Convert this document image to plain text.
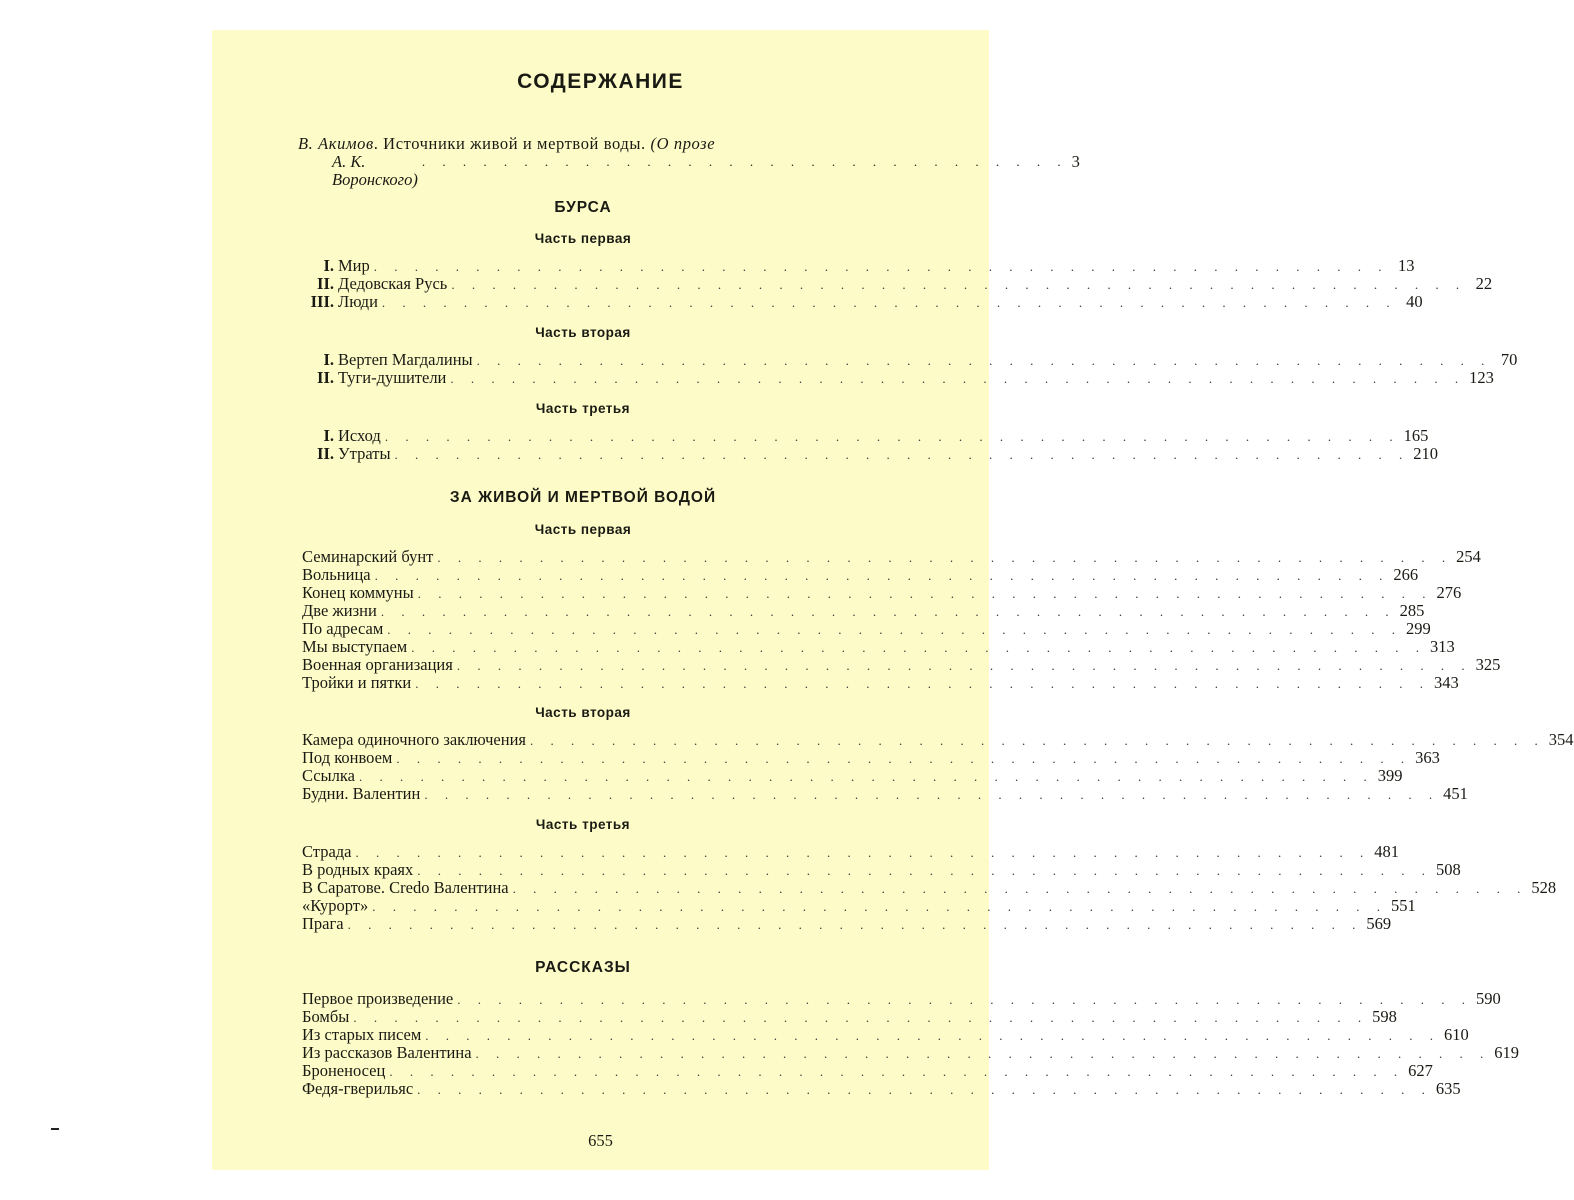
СОДЕРЖАНИЕ
В. Акимов. Источники живой и мертвой воды. (О прозе
А. К. Воронского)
. . . . . . . . . . . . . . . . . . . . . . . . . . . . . . . . 3
БУРСА
Часть первая
I. Мир . . . . . . . . . . . . . . . . . . . . . . . . . . . . . . . . . . . . . . . . . . . . . . . . . . 13
II. Дедовская Русь . . . . . . . . . . . . . . . . . . . . . . . . . . . . . . . . . . . . . . . . . . . . . . . . . . 22
III. Люди . . . . . . . . . . . . . . . . . . . . . . . . . . . . . . . . . . . . . . . . . . . . . . . . . . 40
Часть вторая
I. Вертеп Магдалины . . . . . . . . . . . . . . . . . . . . . . . . . . . . . . . . . . . . . . . . . . . . . . . . . . 70
II. Туги-душители . . . . . . . . . . . . . . . . . . . . . . . . . . . . . . . . . . . . . . . . . . . . . . . . . . 123
Часть третья
I. Исход . . . . . . . . . . . . . . . . . . . . . . . . . . . . . . . . . . . . . . . . . . . . . . . . . . 165
II. Утраты . . . . . . . . . . . . . . . . . . . . . . . . . . . . . . . . . . . . . . . . . . . . . . . . . . 210
ЗА ЖИВОЙ И МЕРТВОЙ ВОДОЙ
Часть первая
Семинарский бунт . . . . . . . . . . . . . . . . . . . . . . . . . . . . . . . . . . . . . . . . . . . . . . . . . . 254
Вольница . . . . . . . . . . . . . . . . . . . . . . . . . . . . . . . . . . . . . . . . . . . . . . . . . . 266
Конец коммуны . . . . . . . . . . . . . . . . . . . . . . . . . . . . . . . . . . . . . . . . . . . . . . . . . . 276
Две жизни . . . . . . . . . . . . . . . . . . . . . . . . . . . . . . . . . . . . . . . . . . . . . . . . . . 285
По адресам . . . . . . . . . . . . . . . . . . . . . . . . . . . . . . . . . . . . . . . . . . . . . . . . . . 299
Мы выступаем . . . . . . . . . . . . . . . . . . . . . . . . . . . . . . . . . . . . . . . . . . . . . . . . . . 313
Военная организация . . . . . . . . . . . . . . . . . . . . . . . . . . . . . . . . . . . . . . . . . . . . . . . . . . 325
Тройки и пятки . . . . . . . . . . . . . . . . . . . . . . . . . . . . . . . . . . . . . . . . . . . . . . . . . . 343
Часть вторая
Камера одиночного заключения . . . . . . . . . . . . . . . . . . . . . . . . . . . . . . . . . . . . . . . . . . . . . . . . . . 354
Под конвоем . . . . . . . . . . . . . . . . . . . . . . . . . . . . . . . . . . . . . . . . . . . . . . . . . . 363
Ссылка . . . . . . . . . . . . . . . . . . . . . . . . . . . . . . . . . . . . . . . . . . . . . . . . . . 399
Будни. Валентин . . . . . . . . . . . . . . . . . . . . . . . . . . . . . . . . . . . . . . . . . . . . . . . . . . 451
Часть третья
Страда . . . . . . . . . . . . . . . . . . . . . . . . . . . . . . . . . . . . . . . . . . . . . . . . . . 481
В родных краях . . . . . . . . . . . . . . . . . . . . . . . . . . . . . . . . . . . . . . . . . . . . . . . . . . 508
В Саратове. Credo Валентина . . . . . . . . . . . . . . . . . . . . . . . . . . . . . . . . . . . . . . . . . . . . . . . . . . 528
«Курорт» . . . . . . . . . . . . . . . . . . . . . . . . . . . . . . . . . . . . . . . . . . . . . . . . . . 551
Прага . . . . . . . . . . . . . . . . . . . . . . . . . . . . . . . . . . . . . . . . . . . . . . . . . . 569
РАССКАЗЫ
Первое произведение . . . . . . . . . . . . . . . . . . . . . . . . . . . . . . . . . . . . . . . . . . . . . . . . . . 590
Бомбы . . . . . . . . . . . . . . . . . . . . . . . . . . . . . . . . . . . . . . . . . . . . . . . . . . 598
Из старых писем . . . . . . . . . . . . . . . . . . . . . . . . . . . . . . . . . . . . . . . . . . . . . . . . . . 610
Из рассказов Валентина . . . . . . . . . . . . . . . . . . . . . . . . . . . . . . . . . . . . . . . . . . . . . . . . . . 619
Броненосец . . . . . . . . . . . . . . . . . . . . . . . . . . . . . . . . . . . . . . . . . . . . . . . . . . 627
Федя-гверильяс . . . . . . . . . . . . . . . . . . . . . . . . . . . . . . . . . . . . . . . . . . . . . . . . . . 635
655
